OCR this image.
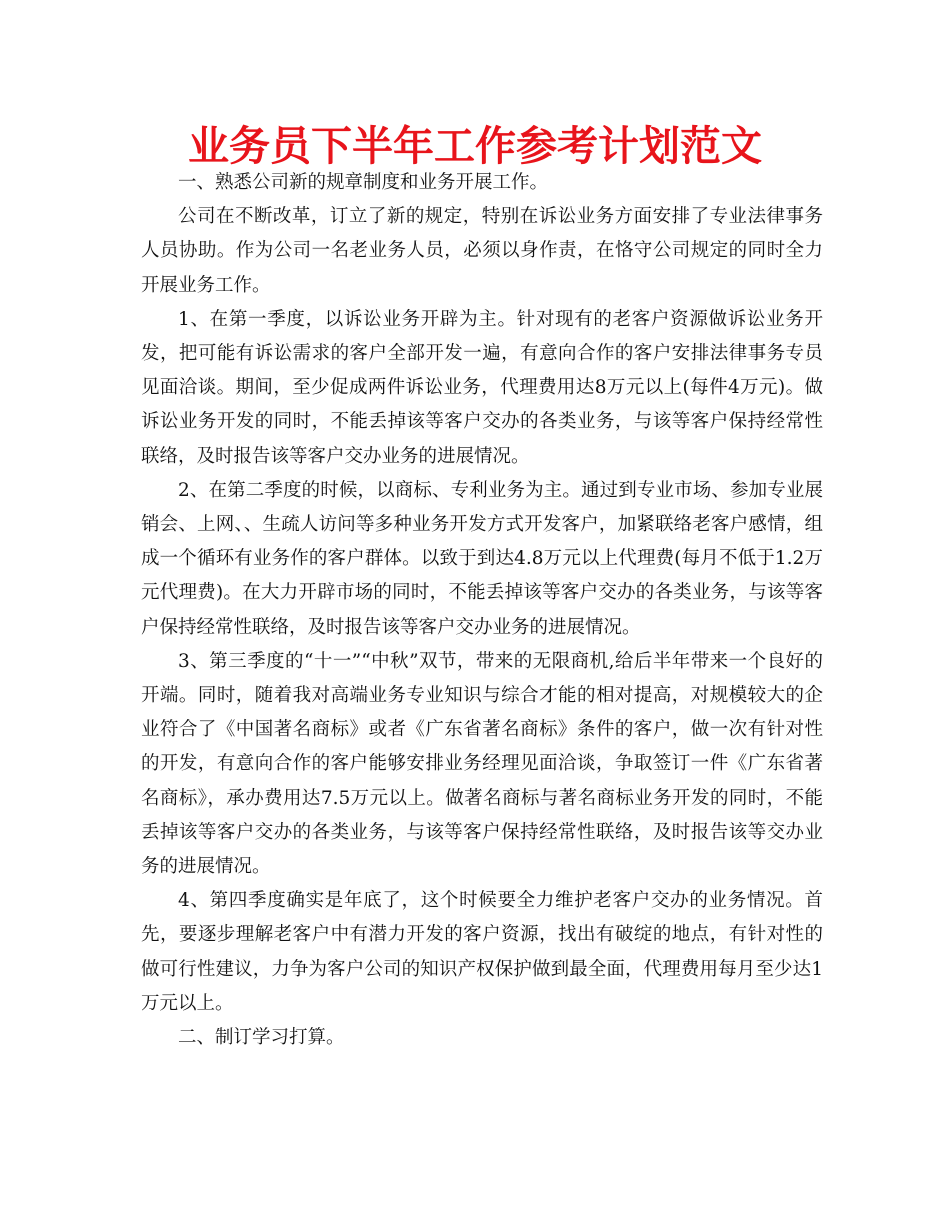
业务员下半年工作参考计划范文

一、熟悉公司新的规章制度和业务开展工作。

公司在不断改革，订立了新的规定，特别在诉讼业务方面安排了专业法律事务人员协助。作为公司一名老业务人员，必须以身作责，在恪守公司规定的同时全力开展业务工作。

1、在第一季度，以诉讼业务开辟为主。针对现有的老客户资源做诉讼业务开发，把可能有诉讼需求的客户全部开发一遍，有意向合作的客户安排法律事务专员见面洽谈。期间，至少促成两件诉讼业务，代理费用达8万元以上(每件4万元)。做诉讼业务开发的同时，不能丢掉该等客户交办的各类业务，与该等客户保持经常性联络，及时报告该等客户交办业务的进展情况。

2、在第二季度的时候，以商标、专利业务为主。通过到专业市场、参加专业展销会、上网、、生疏人访问等多种业务开发方式开发客户，加紧联络老客户感情，组成一个循环有业务作的客户群体。以致于到达4.8万元以上代理费(每月不低于1.2万元代理费)。在大力开辟市场的同时，不能丢掉该等客户交办的各类业务，与该等客户保持经常性联络，及时报告该等客户交办业务的进展情况。

3、第三季度的“十一”“中秋”双节，带来的无限商机,给后半年带来一个良好的开端。同时，随着我对高端业务专业知识与综合才能的相对提高，对规模较大的企业符合了《中国著名商标》或者《广东省著名商标》条件的客户，做一次有针对性的开发，有意向合作的客户能够安排业务经理见面洽谈，争取签订一件《广东省著名商标》，承办费用达7.5万元以上。做著名商标与著名商标业务开发的同时，不能丢掉该等客户交办的各类业务，与该等客户保持经常性联络，及时报告该等交办业务的进展情况。

4、第四季度确实是年底了，这个时候要全力维护老客户交办的业务情况。首先，要逐步理解老客户中有潜力开发的客户资源，找出有破绽的地点，有针对性的做可行性建议，力争为客户公司的知识产权保护做到最全面，代理费用每月至少达1万元以上。

二、制订学习打算。
